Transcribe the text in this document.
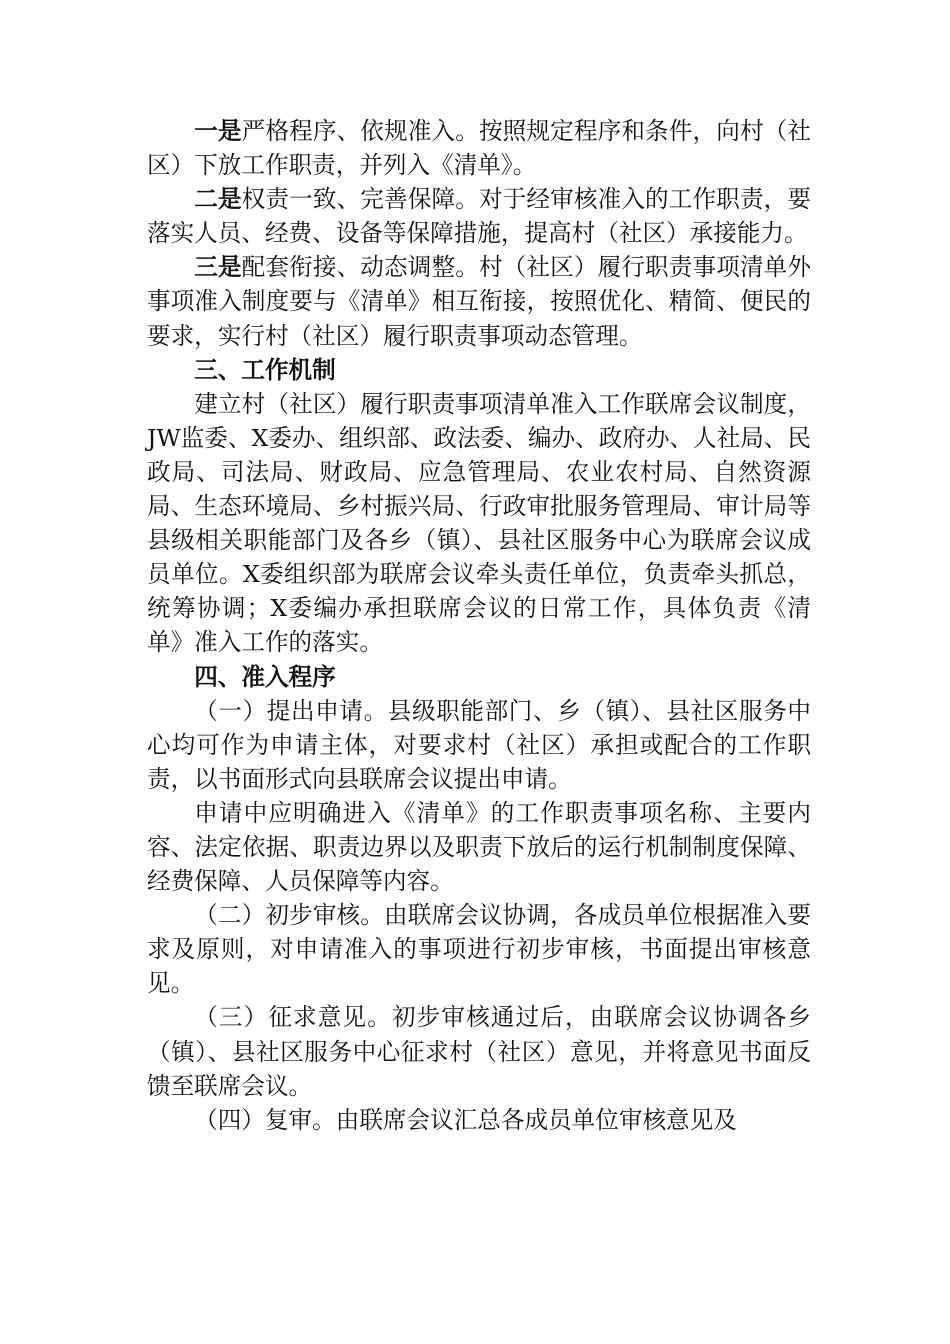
一是严格程序、依规准入。按照规定程序和条件，向村（社区）下放工作职责，并列入《清单》。

二是权责一致、完善保障。对于经审核准入的工作职责，要落实人员、经费、设备等保障措施，提高村（社区）承接能力。

三是配套衔接、动态调整。村（社区）履行职责事项清单外事项准入制度要与《清单》相互衔接，按照优化、精简、便民的要求，实行村（社区）履行职责事项动态管理。

三、工作机制

建立村（社区）履行职责事项清单准入工作联席会议制度，JW监委、X委办、组织部、政法委、编办、政府办、人社局、民政局、司法局、财政局、应急管理局、农业农村局、自然资源局、生态环境局、乡村振兴局、行政审批服务管理局、审计局等县级相关职能部门及各乡（镇）、县社区服务中心为联席会议成员单位。X委组织部为联席会议牵头责任单位，负责牵头抓总，统筹协调；X委编办承担联席会议的日常工作，具体负责《清单》准入工作的落实。

四、准入程序

（一）提出申请。县级职能部门、乡（镇）、县社区服务中心均可作为申请主体，对要求村（社区）承担或配合的工作职责，以书面形式向县联席会议提出申请。

申请中应明确进入《清单》的工作职责事项名称、主要内容、法定依据、职责边界以及职责下放后的运行机制制度保障、经费保障、人员保障等内容。

（二）初步审核。由联席会议协调，各成员单位根据准入要求及原则，对申请准入的事项进行初步审核，书面提出审核意见。

（三）征求意见。初步审核通过后，由联席会议协调各乡（镇）、县社区服务中心征求村（社区）意见，并将意见书面反馈至联席会议。

（四）复审。由联席会议汇总各成员单位审核意见及
